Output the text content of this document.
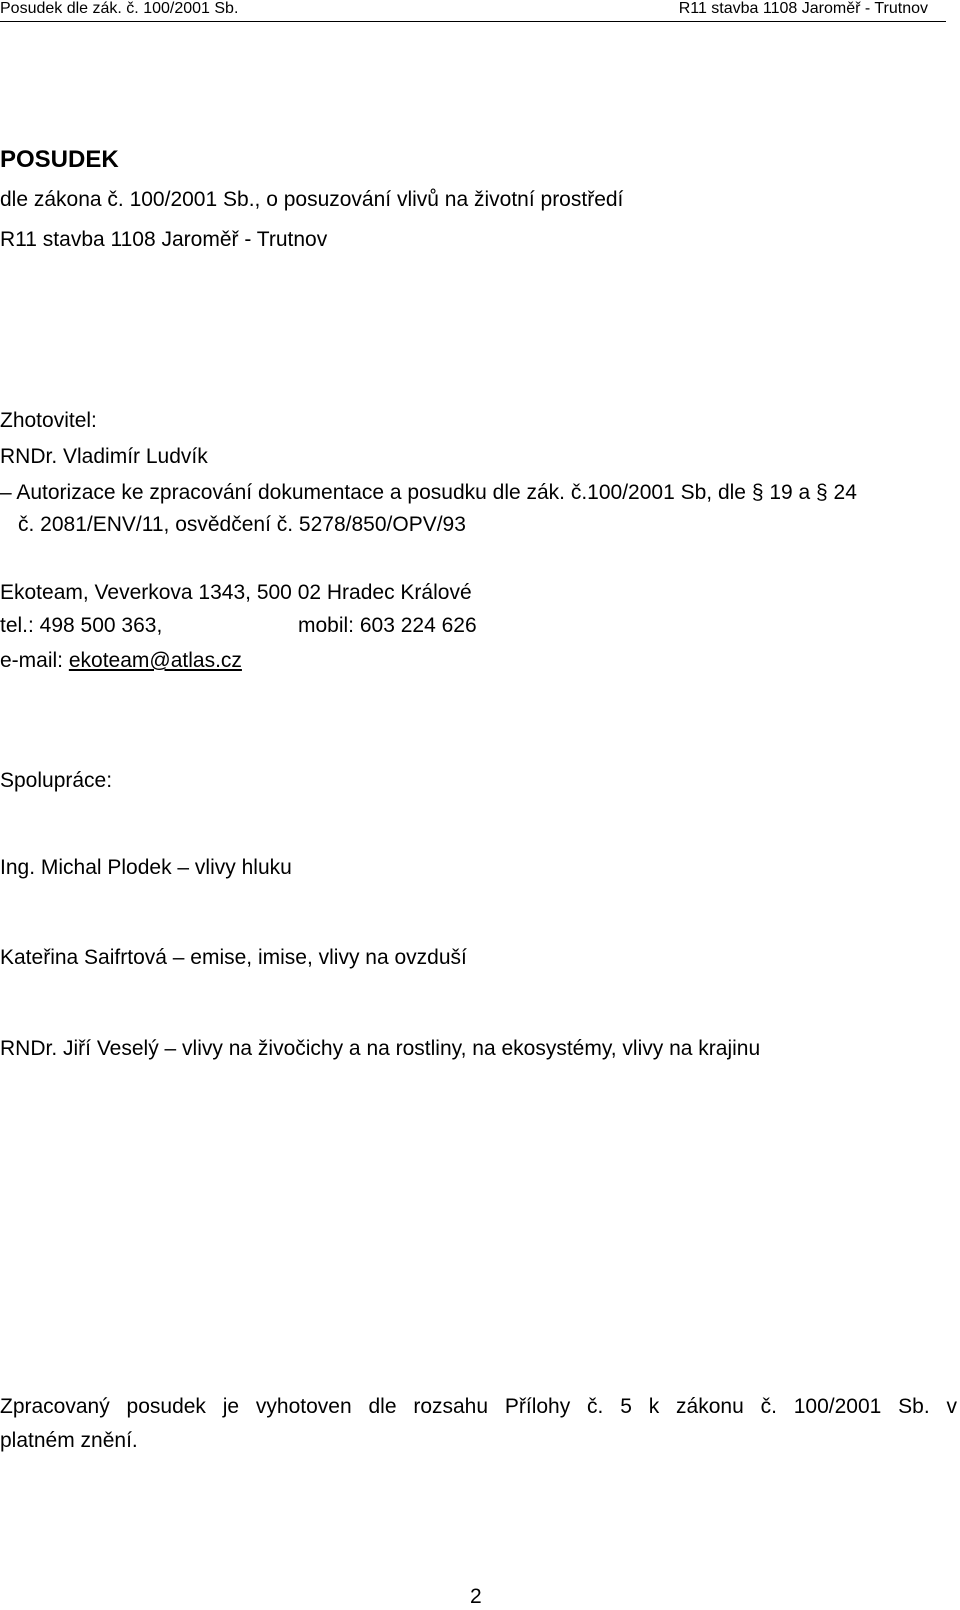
Posudek dle zák. č. 100/2001 Sb.	R11 stavba 1108 Jaroměř - Trutnov
POSUDEK
dle zákona č. 100/2001 Sb., o posuzování vlivů na životní prostředí
R11 stavba 1108 Jaroměř - Trutnov
Zhotovitel:
RNDr. Vladimír Ludvík
– Autorizace ke zpracování dokumentace a posudku dle zák. č.100/2001 Sb, dle § 19 a § 24
č. 2081/ENV/11, osvědčení č. 5278/850/OPV/93
Ekoteam, Veverkova 1343, 500 02 Hradec Králové
tel.: 498 500 363,	mobil: 603 224 626
e-mail: ekoteam@atlas.cz
Spolupráce:
Ing. Michal Plodek – vlivy hluku
Kateřina Saifrtová – emise, imise, vlivy na ovzduší
RNDr. Jiří Veselý – vlivy na živočichy a na rostliny, na ekosystémy, vlivy na krajinu
Zpracovaný posudek je vyhotoven dle rozsahu Přílohy č. 5 k zákonu č. 100/2001 Sb. v
platném znění.
2
